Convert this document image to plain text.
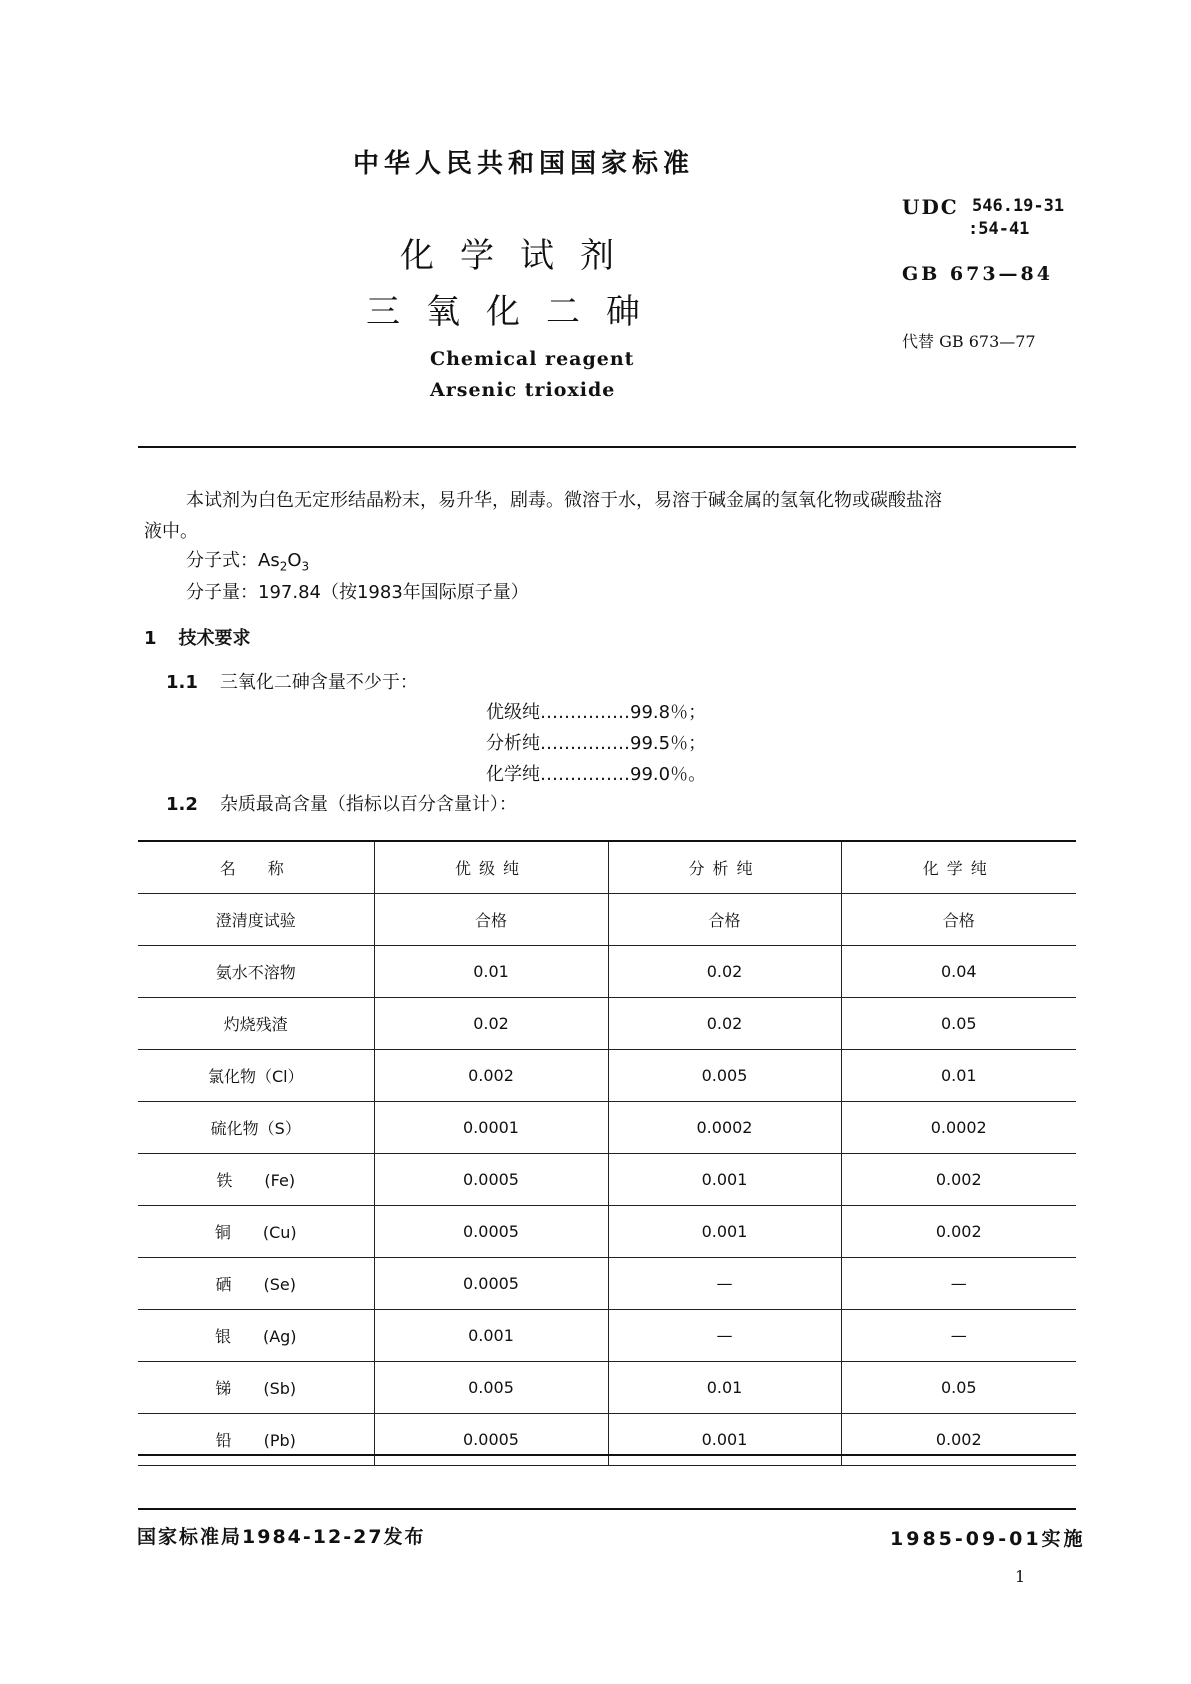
中华人民共和国国家标准
化学试剂
三氧化二砷
Chemical reagent
Arsenic trioxide
UDC 546.19-31
:54-41
GB 673—84
代替 GB 673—77
本试剂为白色无定形结晶粉末，易升华，剧毒。微溶于水，易溶于碱金属的氢氧化物或碳酸盐溶
液中。
分子式：$As_2O_3$
分子量：197.84（按1983年国际原子量）
1 技术要求
1.1 三氧化二砷含量不少于：
优级纯……………99.8％；
分析纯……………99.5％；
化学纯……………99.0％。
1.2 杂质最高含量（指标以百分含量计）：
名　称	优级纯	分析纯	化学纯
澄清度试验	合格	合格	合格
氨水不溶物	0.01	0.02	0.04
灼烧残渣	0.02	0.02	0.05
氯化物（Cl）	0.002	0.005	0.01
硫化物（S）	0.0001	0.0002	0.0002
铁　　(Fe)	0.0005	0.001	0.002
铜　　(Cu)	0.0005	0.001	0.002
硒　　(Se)	0.0005	—	—
银　　(Ag)	0.001	—	—
锑　　(Sb)	0.005	0.01	0.05
铅　　(Pb)	0.0005	0.001	0.002
国家标准局1984-12-27发布	1985-09-01实施
1
